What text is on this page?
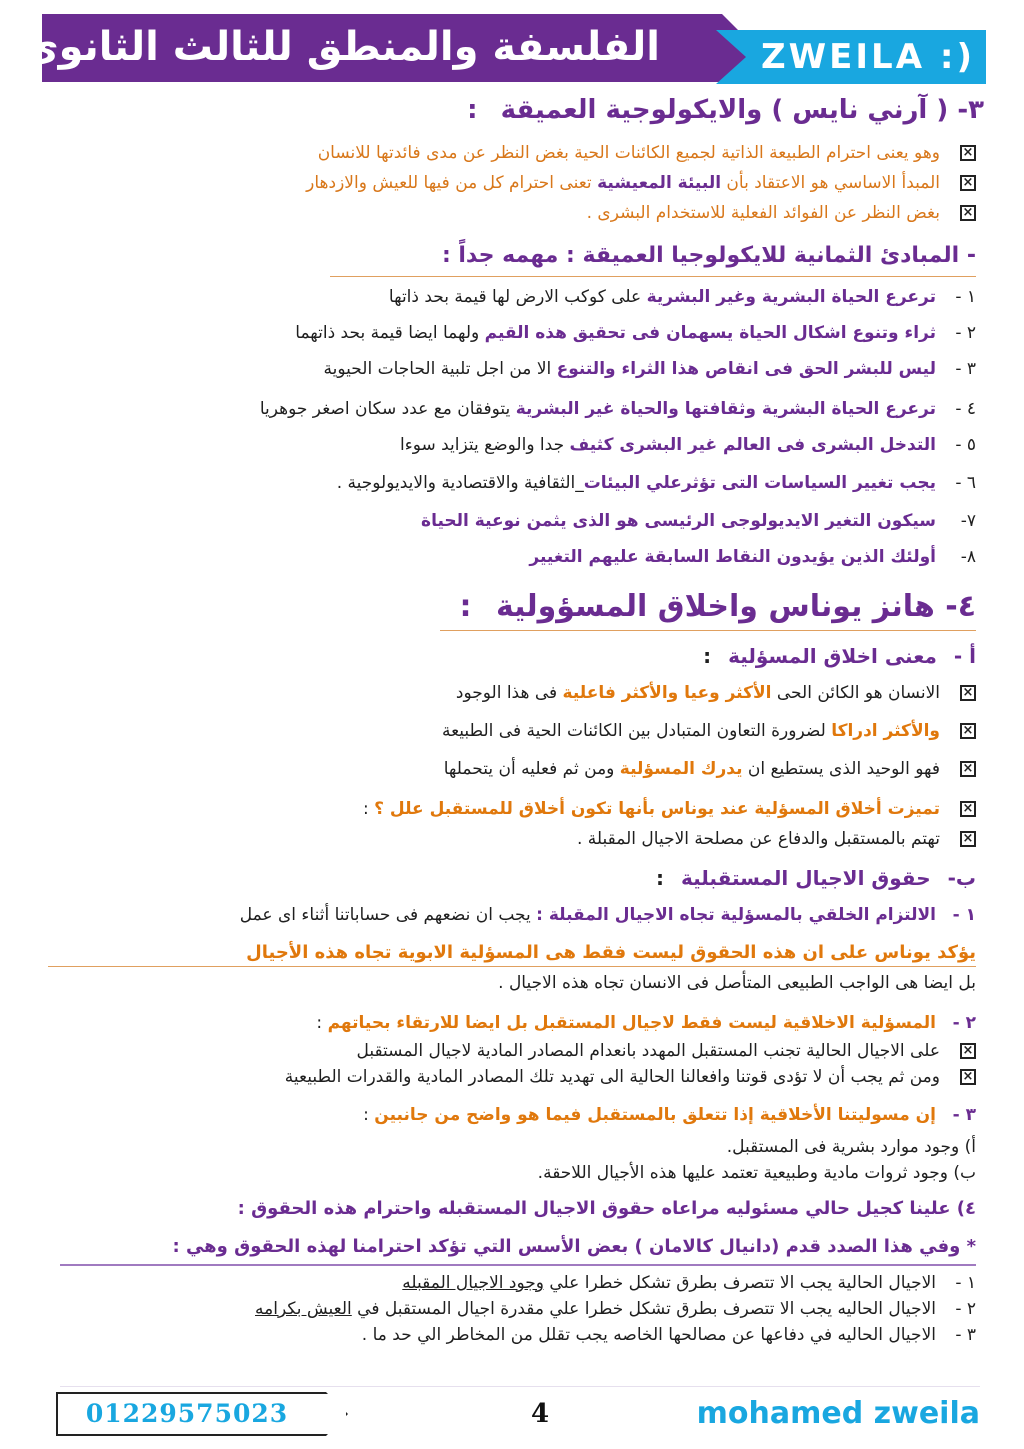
الفلسفة والمنطق للثالث الثانوى	ZWEILA :)
٣- ( آرني نايس ) والايكولوجية العميقة :
×وهو يعنى احترام الطبيعة الذاتية لجميع الكائنات الحية بغض النظر عن مدى فائدتها للانسان
×المبدأ الاساسي هو الاعتقاد بأن البيئة المعيشية تعنى احترام كل من فيها للعيش والازدهار
×بغض النظر عن الفوائد الفعلية للاستخدام البشرى .
- المبادئ الثمانية للايكولوجيا العميقة : مهمه جداً :
١ -ترعرع الحياة البشرية وغير البشرية على كوكب الارض لها قيمة بحد ذاتها
٢ -ثراء وتنوع اشكال الحياة يسهمان فى تحقيق هذه القيم ولهما ايضا قيمة بحد ذاتهما
٣ -ليس للبشر الحق فى انقاص هذا الثراء والتنوع الا من اجل تلبية الحاجات الحيوية
٤ -ترعرع الحياة البشرية وثقافتها والحياة غير البشرية يتوفقان مع عدد سكان اصغر جوهريا
٥ -التدخل البشرى فى العالم غير البشرى كثيف جدا والوضع يتزايد سوءا
٦ -يجب تغيير السياسات التى تؤثرعلي البيئات_الثقافية والاقتصادية والايديولوجية .
٧-سيكون التغير الايديولوجى الرئيسى هو الذى يثمن نوعية الحياة
٨-أولئك الذين يؤيدون النقاط السابقة عليهم التغيير
٤- هانز يوناس واخلاق المسؤولية :
أ - معنى اخلاق المسؤلية :
×الانسان هو الكائن الحى الأكثر وعيا والأكثر فاعلية فى هذا الوجود
×والأكثر ادراكا لضرورة التعاون المتبادل بين الكائنات الحية فى الطبيعة
×فهو الوحيد الذى يستطيع ان يدرك المسؤلية ومن ثم فعليه أن يتحملها
×تميزت أخلاق المسؤلية عند يوناس بأنها تكون أخلاق للمستقبل علل ؟ :
×تهتم بالمستقبل والدفاع عن مصلحة الاجيال المقبلة .
ب- حقوق الاجيال المستقبلية :
١ -الالتزام الخلقي بالمسؤلية تجاه الاجيال المقبلة : يجب ان نضعهم فى حساباتنا أثناء اى عمل
يؤكد يوناس على ان هذه الحقوق ليست فقط هى المسؤلية الابوية تجاه هذه الأجيال
بل ايضا هى الواجب الطبيعى المتأصل فى الانسان تجاه هذه الاجيال .
٢ -المسؤلية الاخلاقية ليست فقط لاجيال المستقبل بل ايضا للارتقاء بحياتهم :
×على الاجيال الحالية تجنب المستقبل المهدد بانعدام المصادر المادية لاجيال المستقبل
×ومن ثم يجب أن لا تؤدى قوتنا وافعالنا الحالية الى تهديد تلك المصادر المادية والقدرات الطبيعية
٣ -إن مسوليتنا الأخلاقية إذا تتعلق بالمستقبل فيما هو واضح من جانبين :
أ) وجود موارد بشرية فى المستقبل.
ب) وجود ثروات مادية وطبيعية تعتمد عليها هذه الأجيال اللاحقة.
٤) علينا كجيل حالي مسئوليه مراعاه حقوق الاجيال المستقبله واحترام هذه الحقوق :
* وفي هذا الصدد قدم (دانيال كالامان ) بعض الأسس التي تؤكد احترامنا لهذه الحقوق وهي :
١ -الاجيال الحالية يجب الا تتصرف بطرق تشكل خطرا علي وجود الاجيال المقبله
٢ -الاجيال الحاليه يجب الا تتصرف بطرق تشكل خطرا علي مقدرة اجيال المستقبل في العيش بكرامه
٣ -الاجيال الحاليه في دفاعها عن مصالحها الخاصه يجب تقلل من المخاطر الي حد ما .
01229575023	4	mohamed zweila
